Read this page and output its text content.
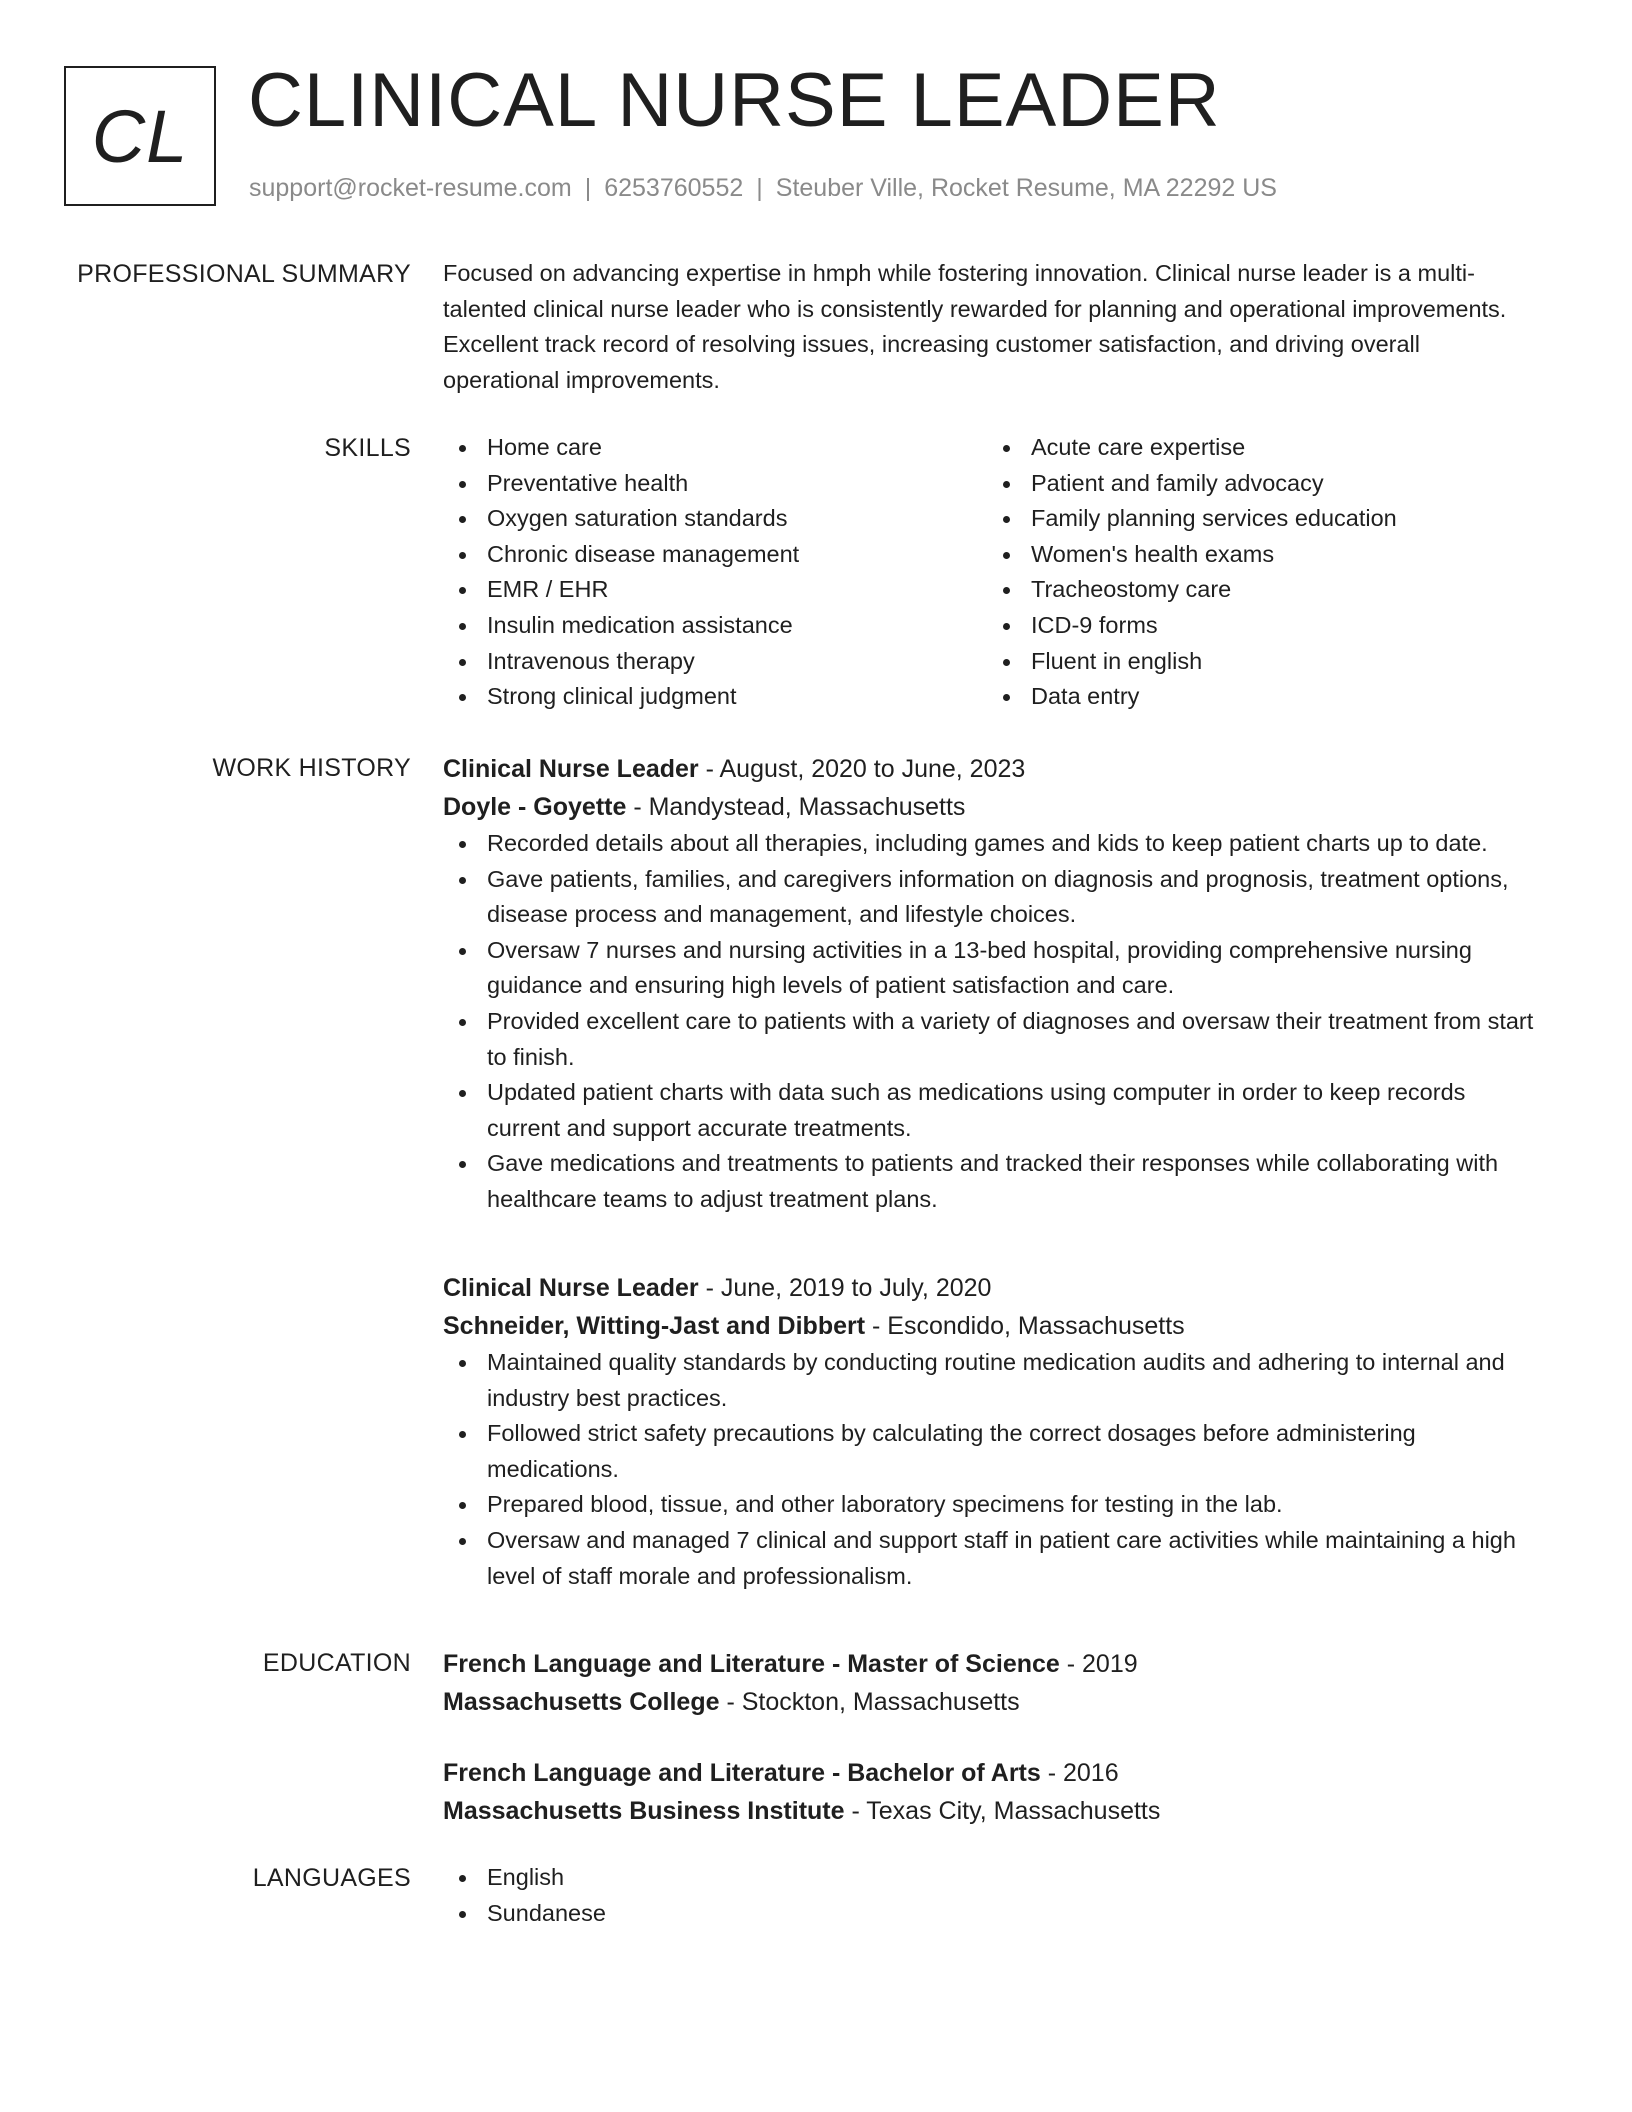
CL CLINICAL NURSE LEADER
support@rocket-resume.com | 6253760552 | Steuber Ville, Rocket Resume, MA 22292 US
PROFESSIONAL SUMMARY Focused on advancing expertise in hmph while fostering innovation. Clinical nurse leader is a multi-talented clinical nurse leader who is consistently rewarded for planning and operational improvements. Excellent track record of resolving issues, increasing customer satisfaction, and driving overall operational improvements.

SKILLS	Home care
Preventative health
Oxygen saturation standards
Chronic disease management
EMR / EHR
Insulin medication assistance
Intravenous therapy
Strong clinical judgment
Acute care expertise
Patient and family advocacy
Family planning services education
Women's health exams
Tracheostomy care
ICD-9 forms
Fluent in english
Data entry
WORK HISTORY Clinical Nurse Leader - August, 2020 to June, 2023
Doyle - Goyette - Mandystead, Massachusetts
Recorded details about all therapies, including games and kids to keep patient charts up to date.
Gave patients, families, and caregivers information on diagnosis and prognosis, treatment options, disease process and management, and lifestyle choices.
Oversaw 7 nurses and nursing activities in a 13-bed hospital, providing comprehensive nursing guidance and ensuring high levels of patient satisfaction and care.
Provided excellent care to patients with a variety of diagnoses and oversaw their treatment from start to finish.
Updated patient charts with data such as medications using computer in order to keep records current and support accurate treatments.
Gave medications and treatments to patients and tracked their responses while collaborating with healthcare teams to adjust treatment plans.
Clinical Nurse Leader - June, 2019 to July, 2020
Schneider, Witting-Jast and Dibbert - Escondido, Massachusetts
Maintained quality standards by conducting routine medication audits and adhering to internal and industry best practices.
Followed strict safety precautions by calculating the correct dosages before administering medications.
Prepared blood, tissue, and other laboratory specimens for testing in the lab.
Oversaw and managed 7 clinical and support staff in patient care activities while maintaining a high level of staff morale and professionalism.
EDUCATION French Language and Literature - Master of Science - 2019
Massachusetts College - Stockton, Massachusetts
French Language and Literature - Bachelor of Arts - 2016
Massachusetts Business Institute - Texas City, Massachusetts
LANGUAGES	English
Sundanese
